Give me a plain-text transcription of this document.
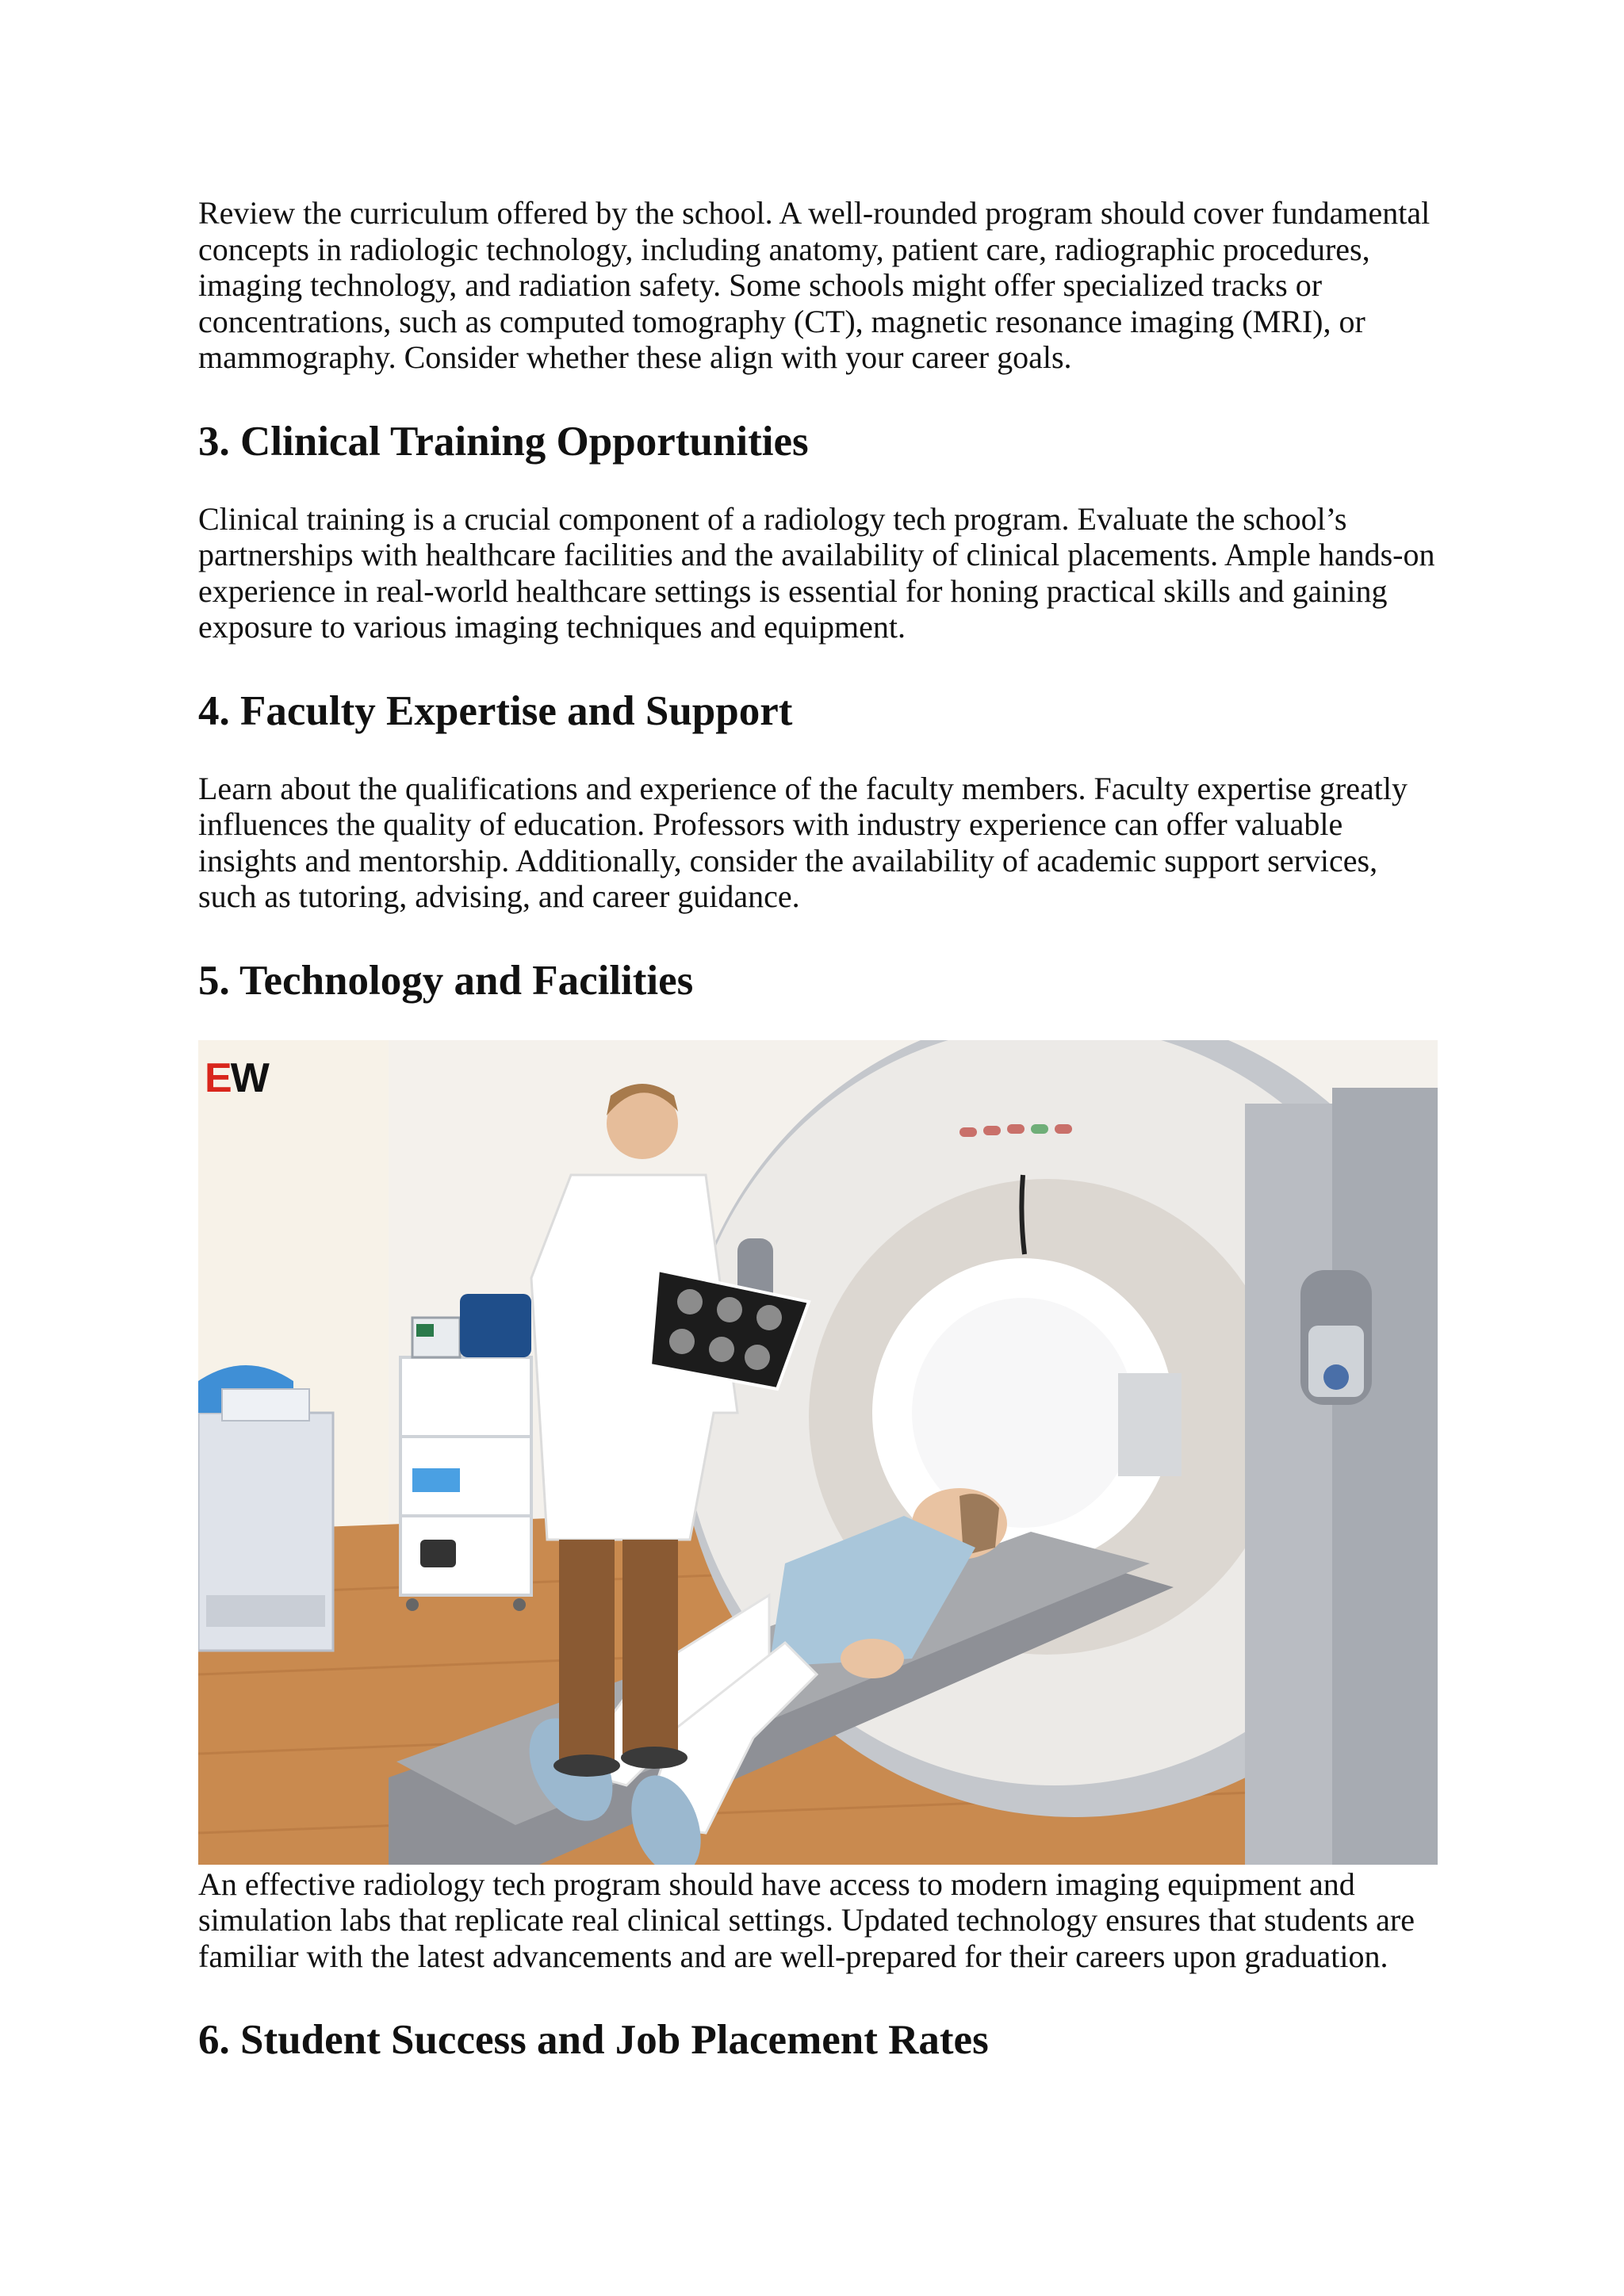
Review the curriculum offered by the school. A well-rounded program should cover fundamental concepts in radiologic technology, including anatomy, patient care, radiographic procedures, imaging technology, and radiation safety. Some schools might offer specialized tracks or concentrations, such as computed tomography (CT), magnetic resonance imaging (MRI), or mammography. Consider whether these align with your career goals.

3. Clinical Training Opportunities

Clinical training is a crucial component of a radiology tech program. Evaluate the school’s partnerships with healthcare facilities and the availability of clinical placements. Ample hands-on experience in real-world healthcare settings is essential for honing practical skills and gaining exposure to various imaging techniques and equipment.

4. Faculty Expertise and Support

Learn about the qualifications and experience of the faculty members. Faculty expertise greatly influences the quality of education. Professors with industry experience can offer valuable insights and mentorship. Additionally, consider the availability of academic support services, such as tutoring, advising, and career guidance.

5. Technology and Facilities
EW

An effective radiology tech program should have access to modern imaging equipment and simulation labs that replicate real clinical settings. Updated technology ensures that students are familiar with the latest advancements and are well-prepared for their careers upon graduation.

6. Student Success and Job Placement Rates
